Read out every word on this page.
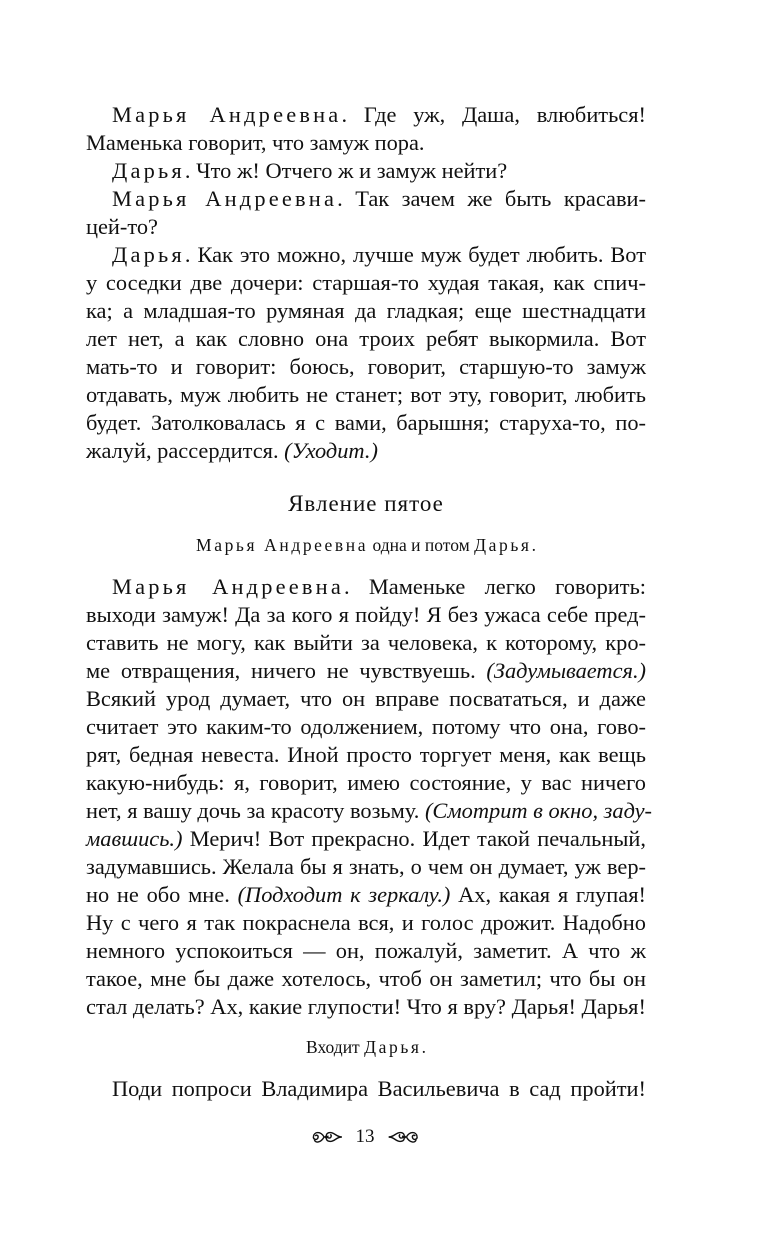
Марья Андреевна. Где уж, Даша, влюбиться!
Маменька говорит, что замуж пора.
Дарья. Что ж! Отчего ж и замуж нейти?
Марья Андреевна. Так зачем же быть красави-
цей-то?
Дарья. Как это можно, лучше муж будет любить. Вот
у соседки две дочери: старшая-то худая такая, как спич-
ка; а младшая-то румяная да гладкая; еще шестнадцати
лет нет, а как словно она троих ребят выкормила. Вот
мать-то и говорит: боюсь, говорит, старшую-то замуж
отдавать, муж любить не станет; вот эту, говорит, любить
будет. Затолковалась я с вами, барышня; старуха-то, по-
жалуй, рассердится. (Уходит.)
Явление пятое
Марья Андреевна одна и потом Дарья.
Марья Андреевна. Маменьке легко говорить:
выходи замуж! Да за кого я пойду! Я без ужаса себе пред-
ставить не могу, как выйти за человека, к которому, кро-
ме отвращения, ничего не чувствуешь. (Задумывается.)
Всякий урод думает, что он вправе посвататься, и даже
считает это каким-то одолжением, потому что она, гово-
рят, бедная невеста. Иной просто торгует меня, как вещь
какую-нибудь: я, говорит, имею состояние, у вас ничего
нет, я вашу дочь за красоту возьму. (Смотрит в окно, заду-
мавшись.) Мерич! Вот прекрасно. Идет такой печальный,
задумавшись. Желала бы я знать, о чем он думает, уж вер-
но не обо мне. (Подходит к зеркалу.) Ах, какая я глупая!
Ну с чего я так покраснела вся, и голос дрожит. Надобно
немного успокоиться — он, пожалуй, заметит. А что ж
такое, мне бы даже хотелось, чтоб он заметил; что бы он
стал делать? Ах, какие глупости! Что я вру? Дарья! Дарья!
Входит Дарья.
Поди попроси Владимира Васильевича в сад пройти!
13
